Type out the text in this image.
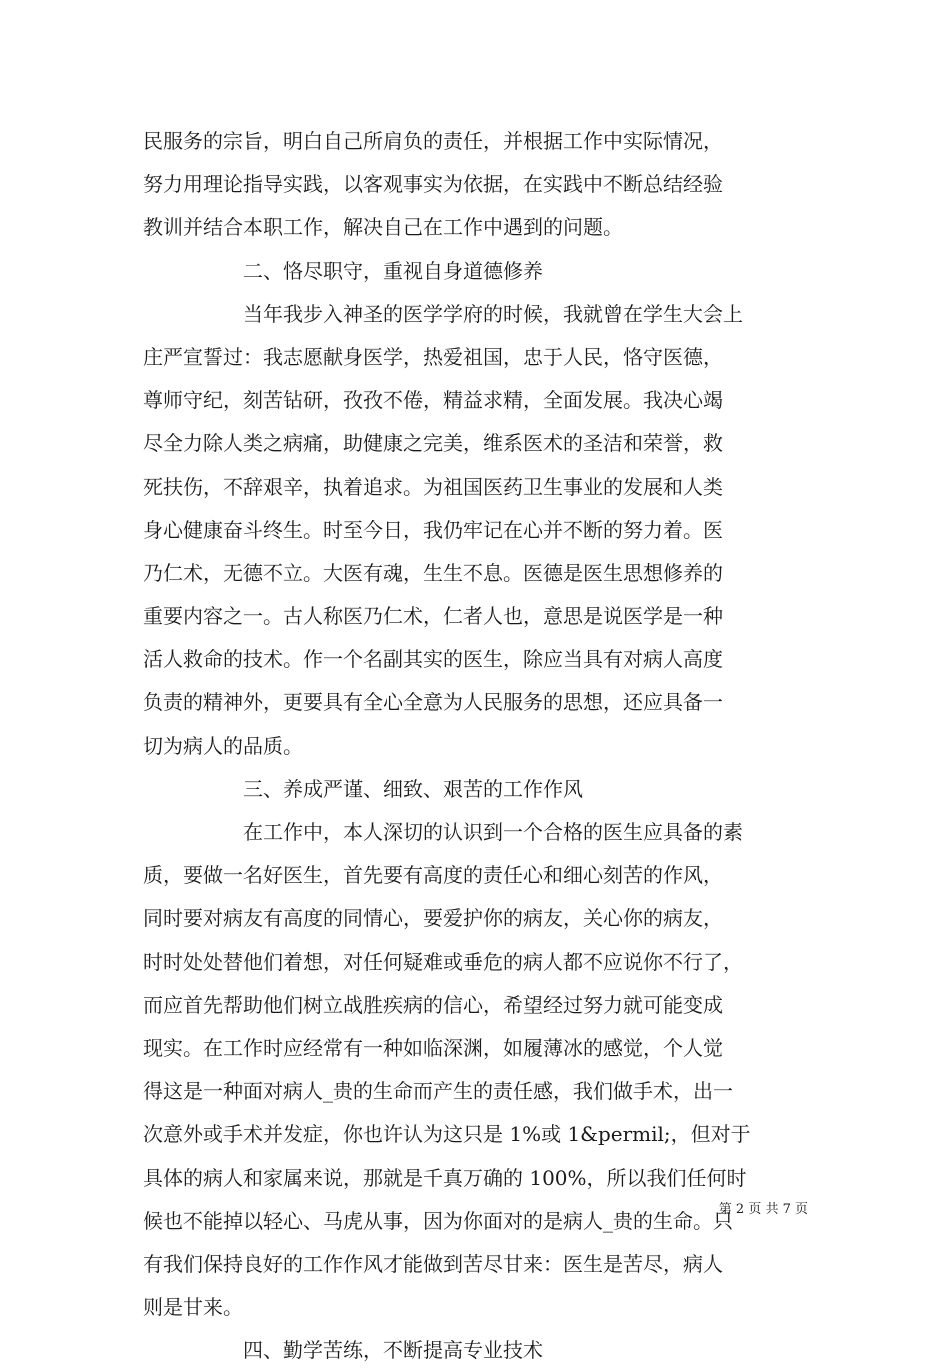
民服务的宗旨，明白自己所肩负的责任，并根据工作中实际情况，
努力用理论指导实践，以客观事实为依据，在实践中不断总结经验
教训并结合本职工作，解决自己在工作中遇到的问题。
二、恪尽职守，重视自身道德修养
当年我步入神圣的医学学府的时候，我就曾在学生大会上
庄严宣誓过：我志愿献身医学，热爱祖国，忠于人民，恪守医德，
尊师守纪，刻苦钻研，孜孜不倦，精益求精，全面发展。我决心竭
尽全力除人类之病痛，助健康之完美，维系医术的圣洁和荣誉，救
死扶伤，不辞艰辛，执着追求。为祖国医药卫生事业的发展和人类
身心健康奋斗终生。时至今日，我仍牢记在心并不断的努力着。医
乃仁术，无德不立。大医有魂，生生不息。医德是医生思想修养的
重要内容之一。古人称医乃仁术，仁者人也，意思是说医学是一种
活人救命的技术。作一个名副其实的医生，除应当具有对病人高度
负责的精神外，更要具有全心全意为人民服务的思想，还应具备一
切为病人的品质。
三、养成严谨、细致、艰苦的工作作风
在工作中，本人深切的认识到一个合格的医生应具备的素
质，要做一名好医生，首先要有高度的责任心和细心刻苦的作风，
同时要对病友有高度的同情心，要爱护你的病友，关心你的病友，
时时处处替他们着想，对任何疑难或垂危的病人都不应说你不行了，
而应首先帮助他们树立战胜疾病的信心，希望经过努力就可能变成
现实。在工作时应经常有一种如临深渊，如履薄冰的感觉，个人觉
得这是一种面对病人_贵的生命而产生的责任感，我们做手术，出一
次意外或手术并发症，你也许认为这只是 1%或 1&permil;，但对于
具体的病人和家属来说，那就是千真万确的 100%，所以我们任何时
候也不能掉以轻心、马虎从事，因为你面对的是病人_贵的生命。只
有我们保持良好的工作作风才能做到苦尽甘来：医生是苦尽，病人
则是甘来。
四、勤学苦练，不断提高专业技术
第 2 页 共 7 页
